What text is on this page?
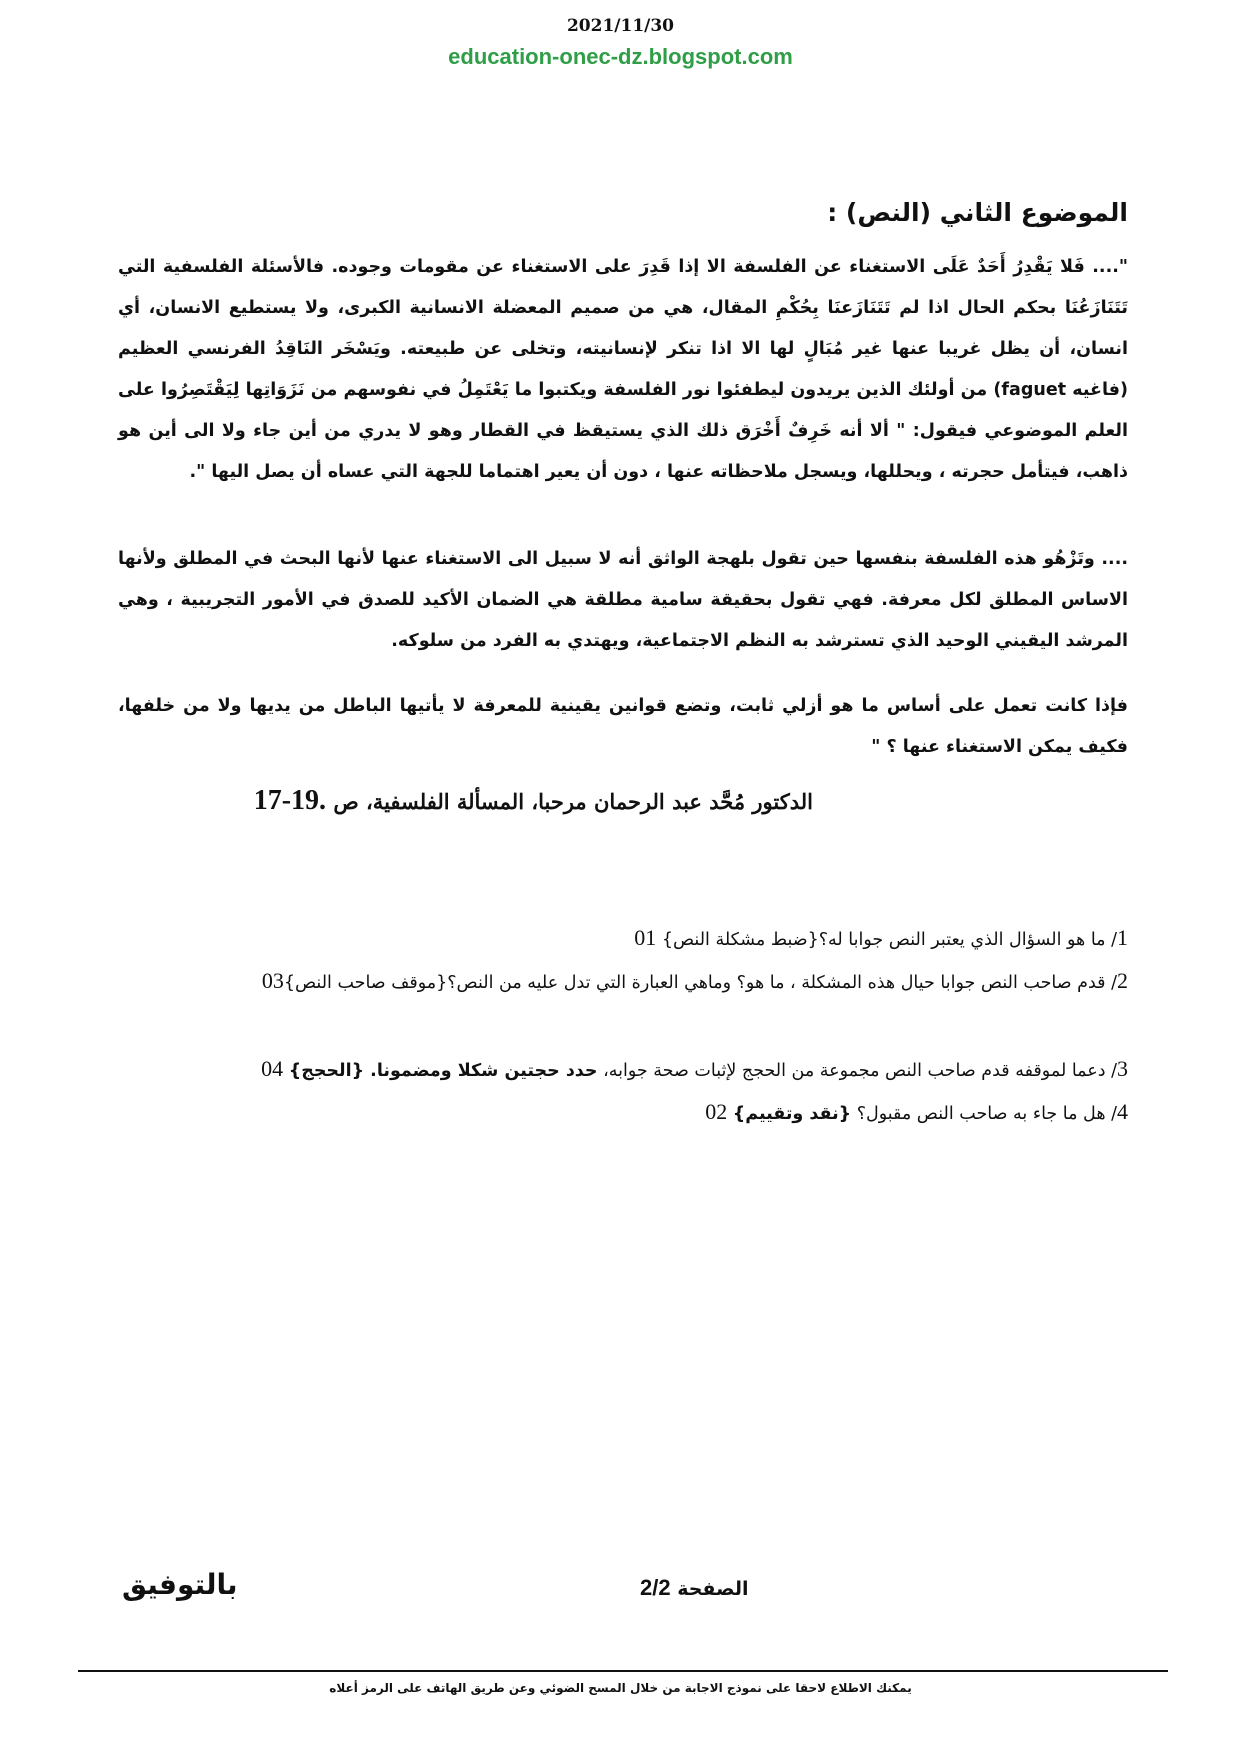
2021/11/30
education-onec-dz.blogspot.com
الموضوع الثاني (النص) :

".... فَلا يَقْدِرُ أَحَدٌ عَلَى الاستغناء عن الفلسفة الا إذا قَدِرَ على الاستغناء عن مقومات وجوده. فالأسئلة الفلسفية التي تَتَنَازَعُنَا بحكم الحال اذا لم تَتَنَازَعنَا بِحُكْمِ المقال، هي من صميم المعضلة الانسانية الكبرى، ولا يستطيع الانسان، أي انسان، أن يظل غريبا عنها غير مُبَالٍ لها الا اذا تنكر لإنسانيته، وتخلى عن طبيعته. ويَسْخَر النَاقِدُ الفرنسي العظيم (فاغيه faguet) من أولئك الذين يريدون ليطفئوا نور الفلسفة ويكتبوا ما يَعْتَمِلُ في نفوسهم من نَزَوَاتِها لِيَقْتَصِرُوا على العلم الموضوعي فيقول: " ألا أنه خَرِفٌ أَخْرَق ذلك الذي يستيقظ في القطار وهو لا يدري من أين جاء ولا الى أين هو ذاهب، فيتأمل حجرته ، ويحللها، ويسجل ملاحظاته عنها ، دون أن يعير اهتماما للجهة التي عساه أن يصل اليها ".

.... وتَزْهُو هذه الفلسفة بنفسها حين تقول بلهجة الواثق أنه لا سبيل الى الاستغناء عنها لأنها البحث في المطلق ولأنها الاساس المطلق لكل معرفة. فهي تقول بحقيقة سامية مطلقة هي الضمان الأكيد للصدق في الأمور التجريبية ، وهي المرشد اليقيني الوحيد الذي تسترشد به النظم الاجتماعية، ويهتدي به الفرد من سلوكه.

فإذا كانت تعمل على أساس ما هو أزلي ثابت، وتضع قوانين يقينية للمعرفة لا يأتيها الباطل من يديها ولا من خلفها، فكيف يمكن الاستغناء عنها ؟ "

الدكتور مُحَّد عبد الرحمان مرحبا، المسألة الفلسفية، ص 17-19.

1/ ما هو السؤال الذي يعتبر النص جوابا له؟{ضبط مشكلة النص} 01

2/ قدم صاحب النص جوابا حيال هذه المشكلة ، ما هو؟ وماهي العبارة التي تدل عليه من النص؟{موقف صاحب النص}03

3/ دعما لموقفه قدم صاحب النص مجموعة من الحجج لإثبات صحة جوابه، حدد حجتين شكلا ومضمونا. {الحجج} 04

4/ هل ما جاء به صاحب النص مقبول؟ {نقد وتقييم} 02

بالتوفيق	الصفحة 2/2
يمكنك الاطلاع لاحقا على نموذج الاجابة من خلال المسح الضوئي وعن طريق الهاتف على الرمز أعلاه
